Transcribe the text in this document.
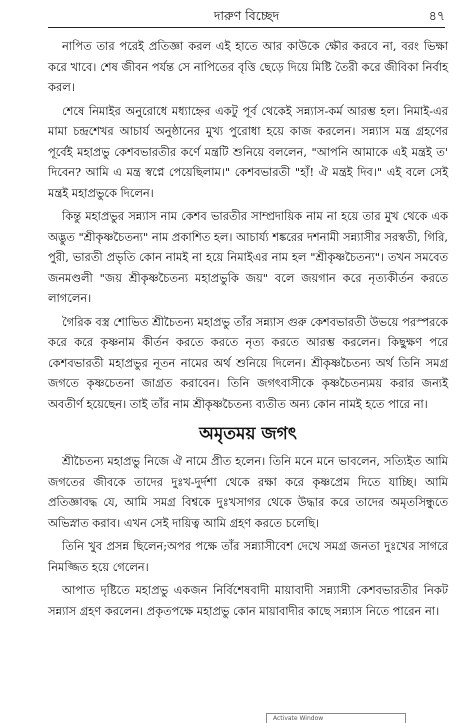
দারুণ বিচ্ছেদ	৪৭

নাপিত তার পরেই প্রতিজ্ঞা করল এই হাতে আর কাউকে ক্ষৌর করবে না, বরং ভিক্ষা করে খাবে। শেষ জীবন পর্যন্ত সে নাপিতের বৃত্তি ছেড়ে দিয়ে মিষ্টি তৈরী করে জীবিকা নির্বাহ করল।

শেষে নিমাইর অনুরোধে মধ্যাহ্নের একটু পূর্ব থেকেই সন্ন্যাস-কর্ম আরম্ভ হল। নিমাই-এর মামা চন্দ্রশেখর আচার্য অনুষ্ঠানের মুখ্য পুরোধা হয়ে কাজ করলেন। সন্ন্যাস মন্ত্র গ্রহণের পূর্বেই মহাপ্রভু কেশবভারতীর কর্ণে মন্ত্রটি শুনিয়ে বললেন, "আপনি আমাকে এই মন্ত্রই ত' দিবেন? আমি এ মন্ত্র স্বপ্নে পেয়েছিলাম।" কেশবভারতী "হাঁ! ঐ মন্ত্রই দিব।" এই বলে সেই মন্ত্রই মহাপ্রভুকে দিলেন।

কিন্তু মহাপ্রভুর সন্ন্যাস নাম কেশব ভারতীর সাম্প্রদায়িক নাম না হয়ে তার মুখ থেকে এক অদ্ভুত "শ্রীকৃষ্ণচৈতন্য" নাম প্রকাশিত হল। আচার্য্য শঙ্করের দশনামী সন্ন্যাসীর সরস্বতী, গিরি, পুরী, ভারতী প্রভৃতি কোন নামই না হয়ে নিমাইএর নাম হল "শ্রীকৃষ্ণচৈতন্য"। তখন সমবেত জনমণ্ডলী "জয় শ্রীকৃষ্ণচৈতন্য মহাপ্রভুকি জয়" বলে জয়গান করে নৃত্যকীর্তন করতে লাগলেন।

গৈরিক বস্ত্র শোভিত শ্রীচৈতন্য মহাপ্রভু তাঁর সন্ন্যাস গুরু কেশবভারতী উভয়ে পরস্পরকে করে করে কৃষ্ণনাম কীর্তন করতে করতে নৃত্য করতে আরম্ভ করলেন। কিছুক্ষণ পরে কেশবভারতী মহাপ্রভুর নূতন নামের অর্থ শুনিয়ে দিলেন। শ্রীকৃষ্ণচৈতন্য অর্থ তিনি সমগ্র জগতে কৃষ্ণচেতনা জাগ্রত করাবেন। তিনি জগৎবাসীকে কৃষ্ণচৈতন্যময় করার জন্যই অবতীর্ণ হয়েছেন। তাই তাঁর নাম শ্রীকৃষ্ণচৈতন্য ব্যতীত অন্য কোন নামই হতে পারে না।

অমৃতময় জগৎ

শ্রীচৈতন্য মহাপ্রভু নিজে ঐ নামে প্রীত হলেন। তিনি মনে মনে ভাবলেন, সত্যিইত আমি জগতের জীবকে তাদের দুঃখ-দুর্দশা থেকে রক্ষা করে কৃষ্ণপ্রেম দিতে যাচ্ছি। আমি প্রতিজ্ঞাবদ্ধ যে, আমি সমগ্র বিশ্বকে দুঃখসাগর থেকে উদ্ধার করে তাদের অমৃতসিন্ধুতে অভিস্নাত করাব। এখন সেই দায়িত্ব আমি গ্রহণ করতে চলেছি।

তিনি খুব প্রসন্ন ছিলেন;অপর পক্ষে তাঁর সন্ন্যাসীবেশ দেখে সমগ্র জনতা দুঃখের সাগরে নিমজ্জিত হয়ে গেলেন।

আপাত দৃষ্টিতে মহাপ্রভু একজন নির্বিশেষবাদী মায়াবাদী সন্ন্যাসী কেশবভারতীর নিকট সন্ন্যাস গ্রহণ করলেন। প্রকৃতপক্ষে মহাপ্রভু কোন মায়াবাদীর কাছে সন্ন্যাস নিতে পারেন না।

Activate Window
